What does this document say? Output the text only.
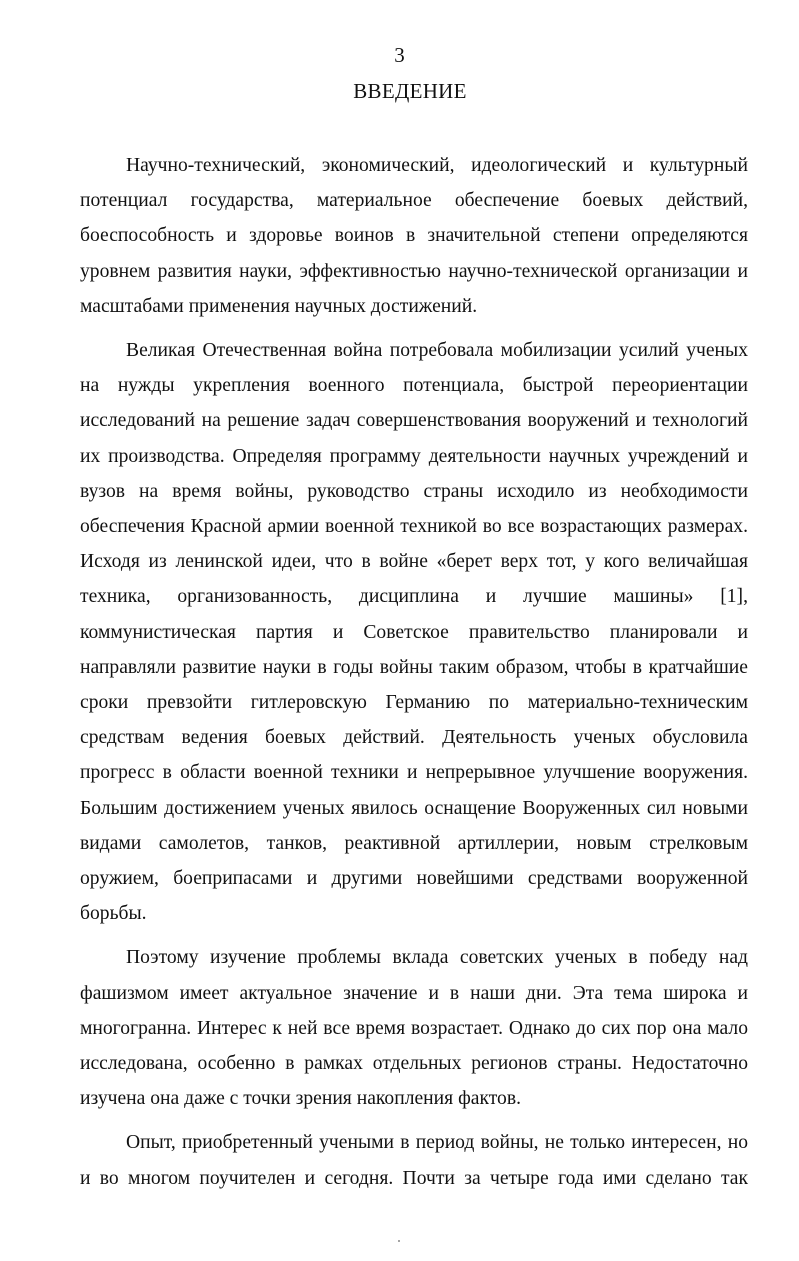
3
ВВЕДЕНИЕ

Научно-технический, экономический, идеологический и культурный потенциал государства, материальное обеспечение боевых действий, боеспособность и здоровье воинов в значительной степени определяются уровнем развития науки, эффективностью научно-технической организации и масштабами применения научных достижений.

Великая Отечественная война потребовала мобилизации усилий ученых на нужды укрепления военного потенциала, быстрой переориентации исследований на решение задач совершенствования вооружений и технологий их производства. Определяя программу деятельности научных учреждений и вузов на время войны, руководство страны исходило из необходимости обеспечения Красной армии военной техникой во все возрастающих размерах. Исходя из ленинской идеи, что в войне «берет верх тот, у кого величайшая техника, организованность, дисциплина и лучшие машины» [1], коммунистическая партия и Советское правительство планировали и направляли развитие науки в годы войны таким образом, чтобы в кратчайшие сроки превзойти гитлеровскую Германию по материально-техническим средствам ведения боевых действий. Деятельность ученых обусловила прогресс в области военной техники и непрерывное улучшение вооружения. Большим достижением ученых явилось оснащение Вооруженных сил новыми видами самолетов, танков, реактивной артиллерии, новым стрелковым оружием, боеприпасами и другими новейшими средствами вооруженной борьбы.

Поэтому изучение проблемы вклада советских ученых в победу над фашизмом имеет актуальное значение и в наши дни. Эта тема широка и многогранна. Интерес к ней все время возрастает. Однако до сих пор она мало исследована, особенно в рамках отдельных регионов страны. Недостаточно изучена она даже с точки зрения накопления фактов.

Опыт, приобретенный учеными в период войны, не только интересен, но и во многом поучителен и сегодня. Почти за четыре года ими сделано так
